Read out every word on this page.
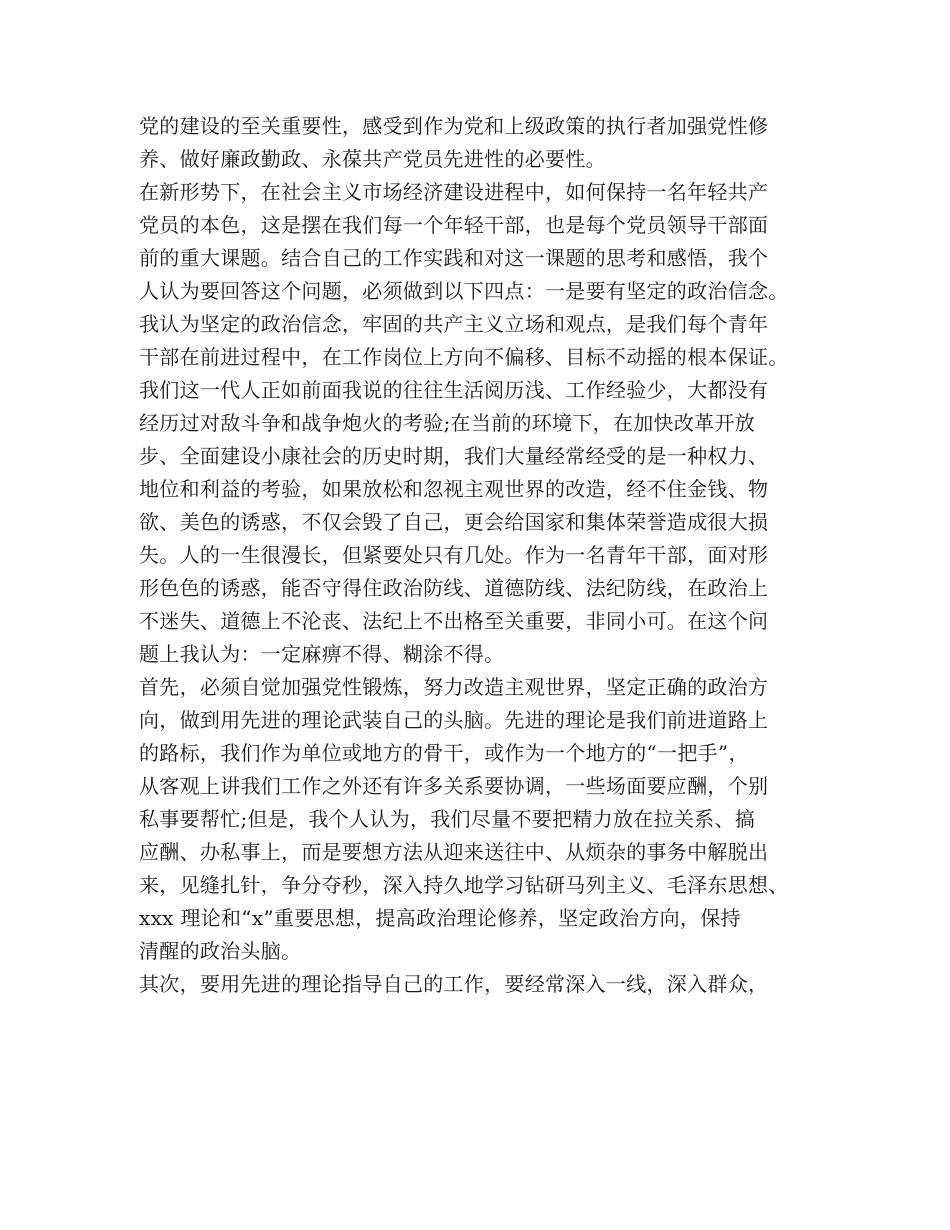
党的建设的至关重要性，感受到作为党和上级政策的执行者加强党性修
养、做好廉政勤政、永葆共产党员先进性的必要性。
在新形势下，在社会主义市场经济建设进程中，如何保持一名年轻共产
党员的本色，这是摆在我们每一个年轻干部，也是每个党员领导干部面
前的重大课题。结合自己的工作实践和对这一课题的思考和感悟，我个
人认为要回答这个问题，必须做到以下四点：一是要有坚定的政治信念。
我认为坚定的政治信念，牢固的共产主义立场和观点，是我们每个青年
干部在前进过程中，在工作岗位上方向不偏移、目标不动摇的根本保证。
我们这一代人正如前面我说的往往生活阅历浅、工作经验少，大都没有
经历过对敌斗争和战争炮火的考验;在当前的环境下，在加快改革开放
步、全面建设小康社会的历史时期，我们大量经常经受的是一种权力、
地位和利益的考验，如果放松和忽视主观世界的改造，经不住金钱、物
欲、美色的诱惑，不仅会毁了自己，更会给国家和集体荣誉造成很大损
失。人的一生很漫长，但紧要处只有几处。作为一名青年干部，面对形
形色色的诱惑，能否守得住政治防线、道德防线、法纪防线，在政治上
不迷失、道德上不沦丧、法纪上不出格至关重要，非同小可。在这个问
题上我认为：一定麻痹不得、糊涂不得。
首先，必须自觉加强党性锻炼，努力改造主观世界，坚定正确的政治方
向，做到用先进的理论武装自己的头脑。先进的理论是我们前进道路上
的路标，我们作为单位或地方的骨干，或作为一个地方的“一把手”，
从客观上讲我们工作之外还有许多关系要协调，一些场面要应酬，个别
私事要帮忙;但是，我个人认为，我们尽量不要把精力放在拉关系、搞
应酬、办私事上，而是要想方法从迎来送往中、从烦杂的事务中解脱出
来，见缝扎针，争分夺秒，深入持久地学习钻研马列主义、毛泽东思想、
xxx 理论和“x”重要思想，提高政治理论修养，坚定政治方向，保持
清醒的政治头脑。
其次，要用先进的理论指导自己的工作，要经常深入一线，深入群众，
